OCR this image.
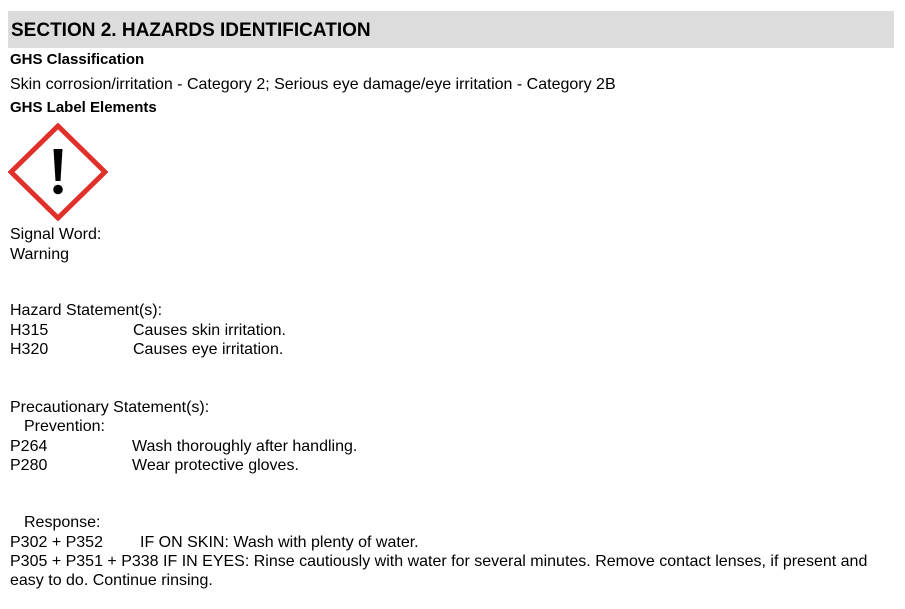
SECTION 2. HAZARDS IDENTIFICATION
GHS Classification
Skin corrosion/irritation - Category 2; Serious eye damage/eye irritation - Category 2B
GHS Label Elements
Signal Word:
Warning
Hazard Statement(s):
H315	Causes skin irritation.
H320	Causes eye irritation.
Precautionary Statement(s):
Prevention:
P264	Wash thoroughly after handling.
P280	Wear protective gloves.
Response:
P302 + P352 IF ON SKIN: Wash with plenty of water.
P305 + P351 + P338 IF IN EYES: Rinse cautiously with water for several minutes. Remove contact lenses, if present and easy to do. Continue rinsing.
